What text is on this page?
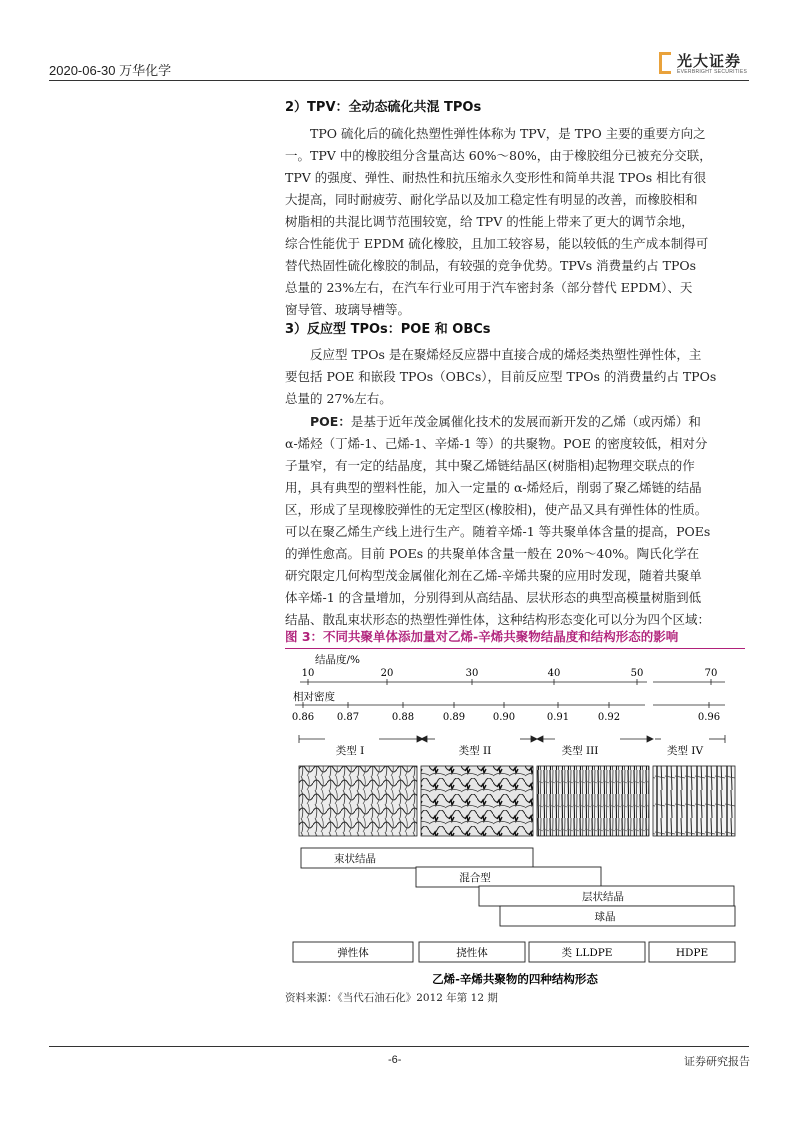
2020-06-30 万华化学
光大证券
EVERBRIGHT SECURITIES
2）TPV：全动态硫化共混 TPOs
TPO 硫化后的硫化热塑性弹性体称为 TPV，是 TPO 主要的重要方向之
一。TPV 中的橡胶组分含量高达 60%～80%，由于橡胶组分已被充分交联，
TPV 的强度、弹性、耐热性和抗压缩永久变形性和简单共混 TPOs 相比有很
大提高，同时耐疲劳、耐化学品以及加工稳定性有明显的改善，而橡胶相和
树脂相的共混比调节范围较宽，给 TPV 的性能上带来了更大的调节余地，
综合性能优于 EPDM 硫化橡胶，且加工较容易，能以较低的生产成本制得可
替代热固性硫化橡胶的制品，有较强的竞争优势。TPVs 消费量约占 TPOs
总量的 23%左右，在汽车行业可用于汽车密封条（部分替代 EPDM）、天
窗导管、玻璃导槽等。
3）反应型 TPOs：POE 和 OBCs
反应型 TPOs 是在聚烯烃反应器中直接合成的烯烃类热塑性弹性体，主
要包括 POE 和嵌段 TPOs（OBCs），目前反应型 TPOs 的消费量约占 TPOs
总量的 27%左右。
POE：是基于近年茂金属催化技术的发展而新开发的乙烯（或丙烯）和
α-烯烃（丁烯-1、己烯-1、辛烯-1 等）的共聚物。POE 的密度较低，相对分
子量窄，有一定的结晶度，其中聚乙烯链结晶区(树脂相)起物理交联点的作
用，具有典型的塑料性能，加入一定量的 α-烯烃后，削弱了聚乙烯链的结晶
区，形成了呈现橡胶弹性的无定型区(橡胶相)，使产品又具有弹性体的性质。
可以在聚乙烯生产线上进行生产。随着辛烯-1 等共聚单体含量的提高，POEs
的弹性愈高。目前 POEs 的共聚单体含量一般在 20%～40%。陶氏化学在
研究限定几何构型茂金属催化剂在乙烯-辛烯共聚的应用时发现，随着共聚单
体辛烯-1 的含量增加，分别得到从高结晶、层状形态的典型高模量树脂到低
结晶、散乱束状形态的热塑性弹性体，这种结构形态变化可以分为四个区域：
图 3：不同共聚单体添加量对乙烯-辛烯共聚物结晶度和结构形态的影响
结晶度/%
10	20	30	40	50	70
相对密度
0.86 0.87	0.88	0.89	0.90	0.91	0.92	0.96
类型 I	类型 II	类型 III	类型 IV
束状结晶
混合型
层状结晶
球晶
弹性体	挠性体	类 LLDPE	HDPE
乙烯-辛烯共聚物的四种结构形态
资料来源：《当代石油石化》2012 年第 12 期
-6-	证券研究报告
